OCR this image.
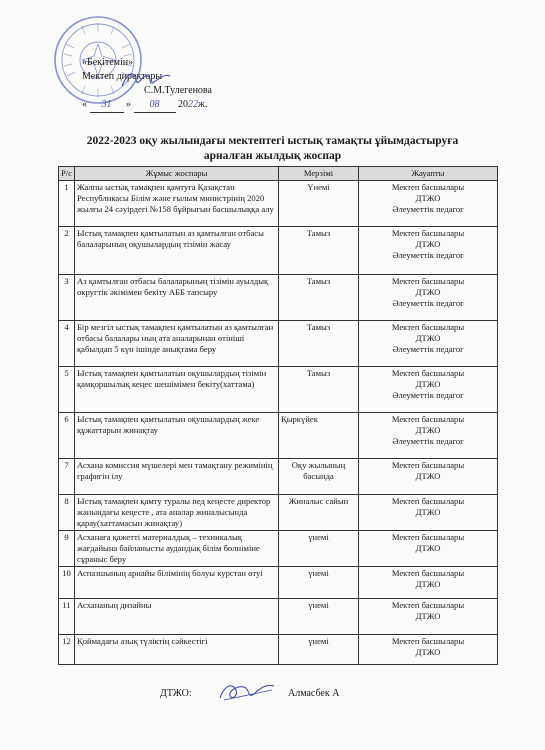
«Бекітемін»
Мектеп директоры
С.М.Тулегенова
« 31 » 08 2022ж.
2022-2023 оқу жылындағы мектептегі ыстық тамақты ұйымдастыруға
арналған жылдық жоспар
Р/с	Жұмыс жоспары	Мерзімі	Жауапты
1	Жалпы ыстық тамақпен қамтуға Қазақстан Республикасы Білім және ғылым министрінің 2020 жылғы 24 сәуірдегі №158 бұйрығын басшылыққа алу	Үнемі	Мектеп басшылары
ДТЖО
Әлеуметтік педагог

2	Ыстық тамақпен қамтылатын аз қамтылған отбасы балаларының оқушылардың тізімін жасау	Тамыз	Мектеп басшылары
ДТЖО
Әлеуметтік педагог

3	Аз қамтылған отбасы балаларының тізімін ауылдық округтік әкімімен бекіту АББ тапсыру	Тамыз	Мектеп басшылары
ДТЖО
Әлеуметтік педагог

4	Бір мезгіл ыстық тамақпен қамтылатын аз қамтылған отбасы балалары ның ата аналарынан өтініші қабылдап 5 күн ішінде анықтама беру	Тамыз	Мектеп басшылары
ДТЖО
Әлеуметтік педагог

5	Ыстық тамақпен қамтылатын оқушылардың тізімін қамқоршылық кеңес шешімімен бекіту(хаттама)	Тамыз	Мектеп басшылары
ДТЖО
Әлеуметтік педагог

6	Ыстық тамақпен қамтылатын оқушылардың жеке құжаттарын жинақтау	Қыркүйек	Мектеп басшылары
ДТЖО
Әлеуметтік педагог

7	Асхана комиссия мүшелері мен тамақтану режимінің графигін ілу	Оқу жылының басында	Мектеп басшылары
ДТЖО

8	Ыстық тамақпен қамту туралы пед кеңесте директор жанындағы кеңесте , ата аналар жиналысында қарау(хаттамасын жинақтау)	Жиналыс сайын	Мектеп басшылары
ДТЖО

9	Асханаға қажетті материалдық – техникалық жағдайына байланысты аудандық білім бөлніміне сұраныс беру	үнемі	Мектеп басшылары
ДТЖО

10	Аспазшының арнайы білімінің болуы курстан өтуі	үнемі	Мектеп басшылары
ДТЖО

11	Асхананың дизайны	үнемі	Мектеп басшылары
ДТЖО

12	Қоймадағы азық түліктің сәйкестігі	үнемі	Мектеп басшылары
ДТЖО
ДТЖО:	Алмасбек А
